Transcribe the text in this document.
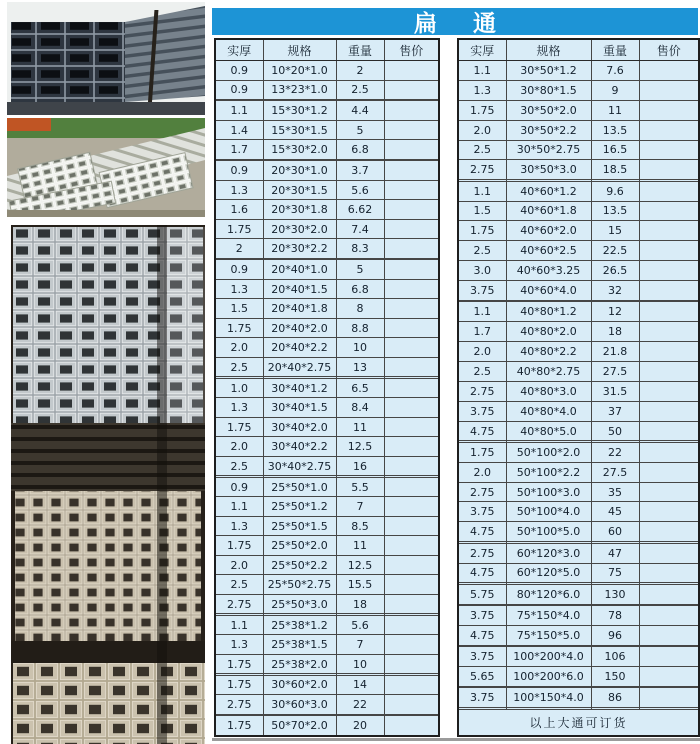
扁 通
实厚	规格	重量	售价
0.9	10*20*1.0	2	
0.9	13*23*1.0	2.5	

1.1	15*30*1.2	4.4	
1.4	15*30*1.5	5	
1.7	15*30*2.0	6.8	

0.9	20*30*1.0	3.7	
1.3	20*30*1.5	5.6	
1.6	20*30*1.8	6.62	
1.75	20*30*2.0	7.4	
2	20*30*2.2	8.3	

0.9	20*40*1.0	5	
1.3	20*40*1.5	6.8	
1.5	20*40*1.8	8	
1.75	20*40*2.0	8.8	
2.0	20*40*2.2	10	
2.5	20*40*2.75	13	

1.0	30*40*1.2	6.5	
1.3	30*40*1.5	8.4	
1.75	30*40*2.0	11	
2.0	30*40*2.2	12.5	
2.5	30*40*2.75	16	

0.9	25*50*1.0	5.5	
1.1	25*50*1.2	7	
1.3	25*50*1.5	8.5	
1.75	25*50*2.0	11	
2.0	25*50*2.2	12.5	
2.5	25*50*2.75	15.5	
2.75	25*50*3.0	18	

1.1	25*38*1.2	5.6	
1.3	25*38*1.5	7	
1.75	25*38*2.0	10	

1.75	30*60*2.0	14	
2.75	30*60*3.0	22	

1.75	50*70*2.0	20	
实厚	规格	重量	售价
1.1	30*50*1.2	7.6	
1.3	30*80*1.5	9	
1.75	30*50*2.0	11	
2.0	30*50*2.2	13.5	
2.5	30*50*2.75	16.5	
2.75	30*50*3.0	18.5	

1.1	40*60*1.2	9.6	
1.5	40*60*1.8	13.5	
1.75	40*60*2.0	15	
2.5	40*60*2.5	22.5	
3.0	40*60*3.25	26.5	
3.75	40*60*4.0	32	

1.1	40*80*1.2	12	
1.7	40*80*2.0	18	
2.0	40*80*2.2	21.8	
2.5	40*80*2.75	27.5	
2.75	40*80*3.0	31.5	
3.75	40*80*4.0	37	
4.75	40*80*5.0	50	

1.75	50*100*2.0	22	
2.0	50*100*2.2	27.5	
2.75	50*100*3.0	35	
3.75	50*100*4.0	45	
4.75	50*100*5.0	60	

2.75	60*120*3.0	47	
4.75	60*120*5.0	75	

5.75	80*120*6.0	130	

3.75	75*150*4.0	78	
4.75	75*150*5.0	96	

3.75	100*200*4.0	106	
5.65	100*200*6.0	150	

3.75	100*150*4.0	86	

以上大通可订货			
